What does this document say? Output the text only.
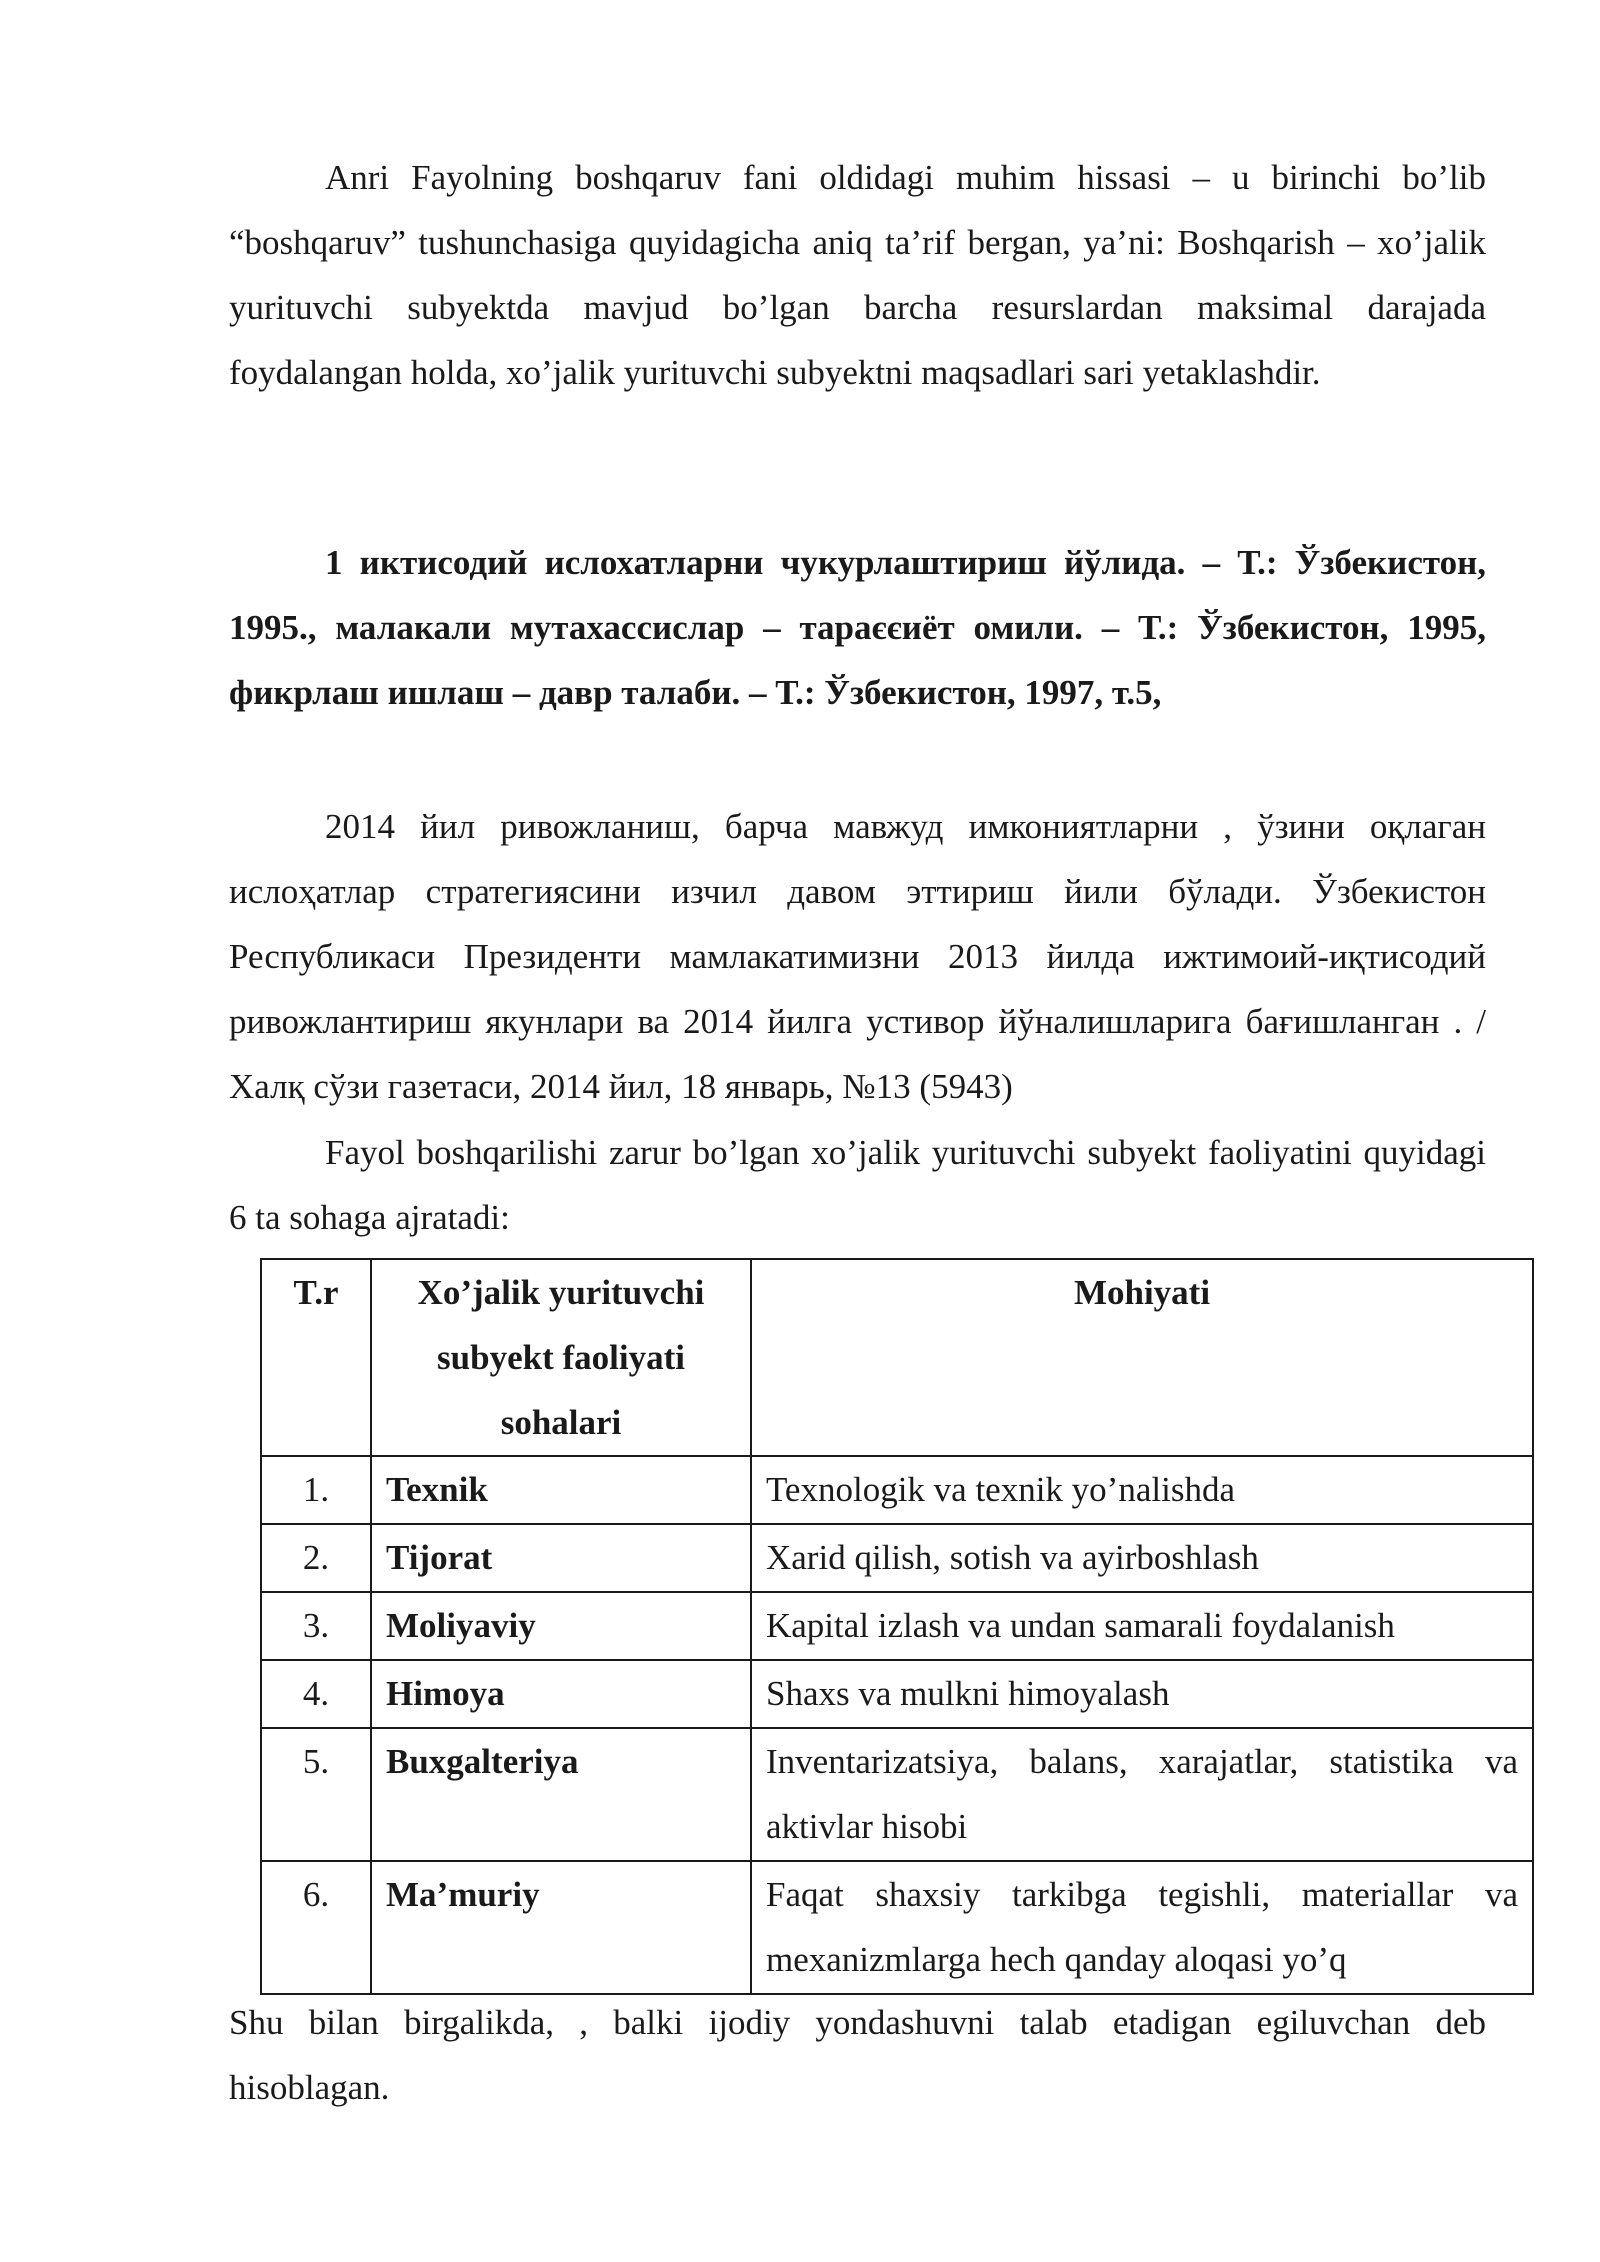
Anri Fayolning boshqaruv fani oldidagi muhim hissasi – u birinchi bo’lib “boshqaruv” tushunchasiga quyidagicha aniq ta’rif bergan, ya’ni: Boshqarish – xo’jalik yurituvchi subyektda mavjud bo’lgan barcha resurslardan maksimal darajada foydalangan holda, xo’jalik yurituvchi subyektni maqsadlari sari yetaklashdir.

1 иктисодий ислохатларни чукурлаштириш йўлида. – Т.: Ўзбекистон, 1995., малакали мутахассислар – тараєєиёт омили. – Т.: Ўзбекистон, 1995, фикрлаш ишлаш – давр талаби. – Т.: Ўзбекистон, 1997, т.5,

2014 йил ривожланиш, барча мавжуд имкониятларни , ўзини оқлаган ислоҳатлар стратегиясини изчил давом эттириш йили бўлади. Ўзбекистон Республикаси Президенти мамлакатимизни 2013 йилда ижтимоий-иқтисодий ривожлантириш якунлари ва 2014 йилга устивор йўналишларига бағишланган . /Халқ сўзи газетаси, 2014 йил, 18 январь, №13 (5943)

Fayol boshqarilishi zarur bo’lgan xo’jalik yurituvchi subyekt faoliyatini quyidagi 6 ta sohaga ajratadi:

T.r	Xo’jalik yurituvchi subyekt faoliyati sohalari	Mohiyati
1.	Texnik	Texnologik va texnik yo’nalishda
2.	Tijorat	Xarid qilish, sotish va ayirboshlash
3.	Moliyaviy	Kapital izlash va undan samarali foydalanish
4.	Himoya	Shaxs va mulkni himoyalash
5.	Buxgalteriya	Inventarizatsiya, balans, xarajatlar, statistika va aktivlar hisobi
6.	Ma’muriy	Faqat shaxsiy tarkibga tegishli, materiallar va mexanizmlarga hech qanday aloqasi yo’q

Shu bilan birgalikda, , balki ijodiy yondashuvni talab etadigan egiluvchan deb hisoblagan.
